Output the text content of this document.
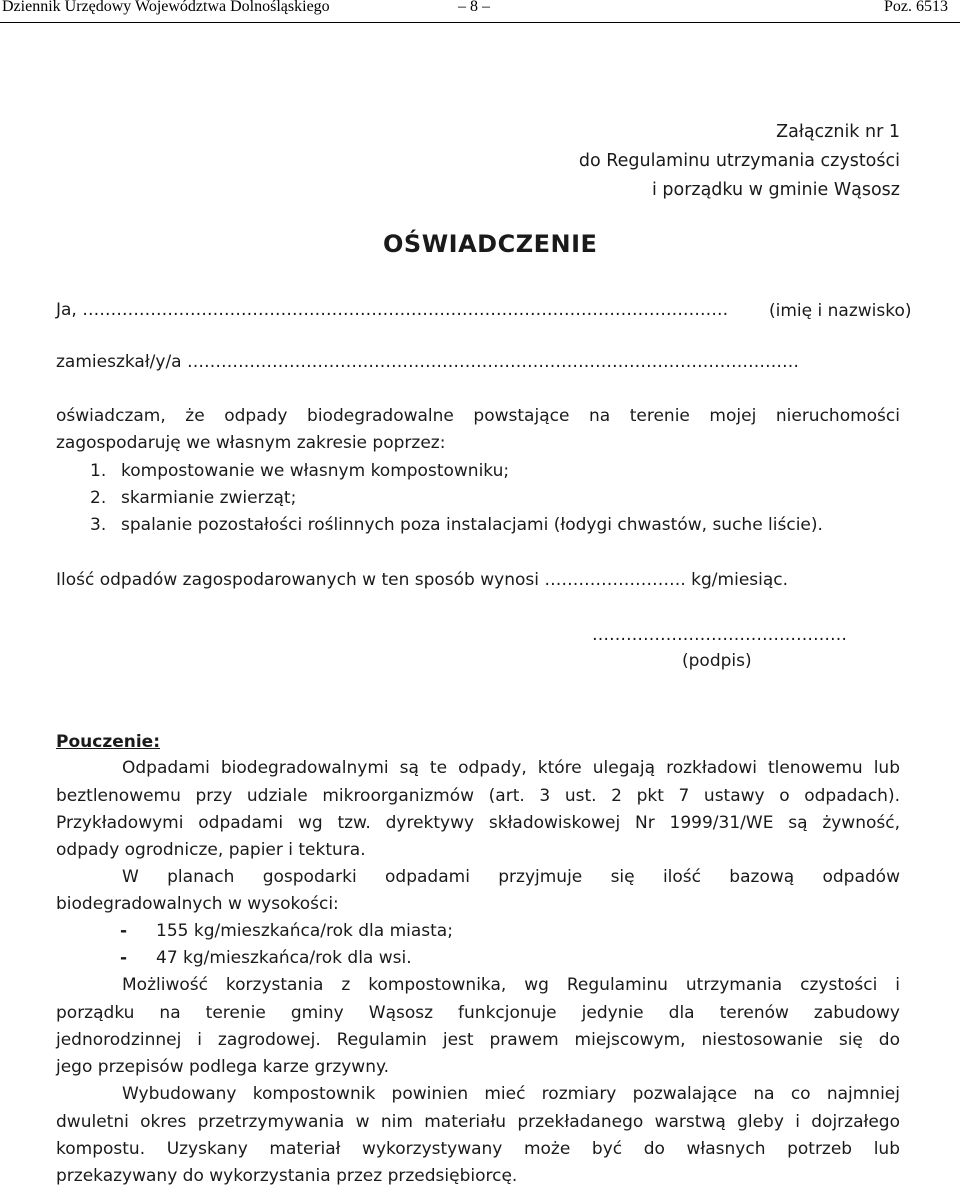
Dziennik Urzędowy Województwa Dolnośląskiego	– 8 –	Poz. 6513
Załącznik nr 1
do Regulaminu utrzymania czystości
i porządku w gminie Wąsosz
OŚWIADCZENIE
Ja, …………………………………………………………………………………………………… (imię i nazwisko)
zamieszkał/y/a ………………………………………………………………………………………………
oświadczam, że odpady biodegradowalne powstające na terenie mojej nieruchomości
zagospodaruję we własnym zakresie poprzez:
1. kompostowanie we własnym kompostowniku;
2. skarmianie zwierząt;
3. spalanie pozostałości roślinnych poza instalacjami (łodygi chwastów, suche liście).
Ilość odpadów zagospodarowanych w ten sposób wynosi ……………………. kg/miesiąc.
………………………………………
(podpis)
Pouczenie:
Odpadami biodegradowalnymi są te odpady, które ulegają rozkładowi tlenowemu lub
beztlenowemu przy udziale mikroorganizmów (art. 3 ust. 2 pkt 7 ustawy o odpadach).
Przykładowymi odpadami wg tzw. dyrektywy składowiskowej Nr 1999/31/WE są żywność,
odpady ogrodnicze, papier i tektura.
W planach gospodarki odpadami przyjmuje się ilość bazową odpadów
biodegradowalnych w wysokości:
- 155 kg/mieszkańca/rok dla miasta;
- 47 kg/mieszkańca/rok dla wsi.
Możliwość korzystania z kompostownika, wg Regulaminu utrzymania czystości i
porządku na terenie gminy Wąsosz funkcjonuje jedynie dla terenów zabudowy
jednorodzinnej i zagrodowej. Regulamin jest prawem miejscowym, niestosowanie się do
jego przepisów podlega karze grzywny.
Wybudowany kompostownik powinien mieć rozmiary pozwalające na co najmniej
dwuletni okres przetrzymywania w nim materiału przekładanego warstwą gleby i dojrzałego
kompostu. Uzyskany materiał wykorzystywany może być do własnych potrzeb lub
przekazywany do wykorzystania przez przedsiębiorcę.
